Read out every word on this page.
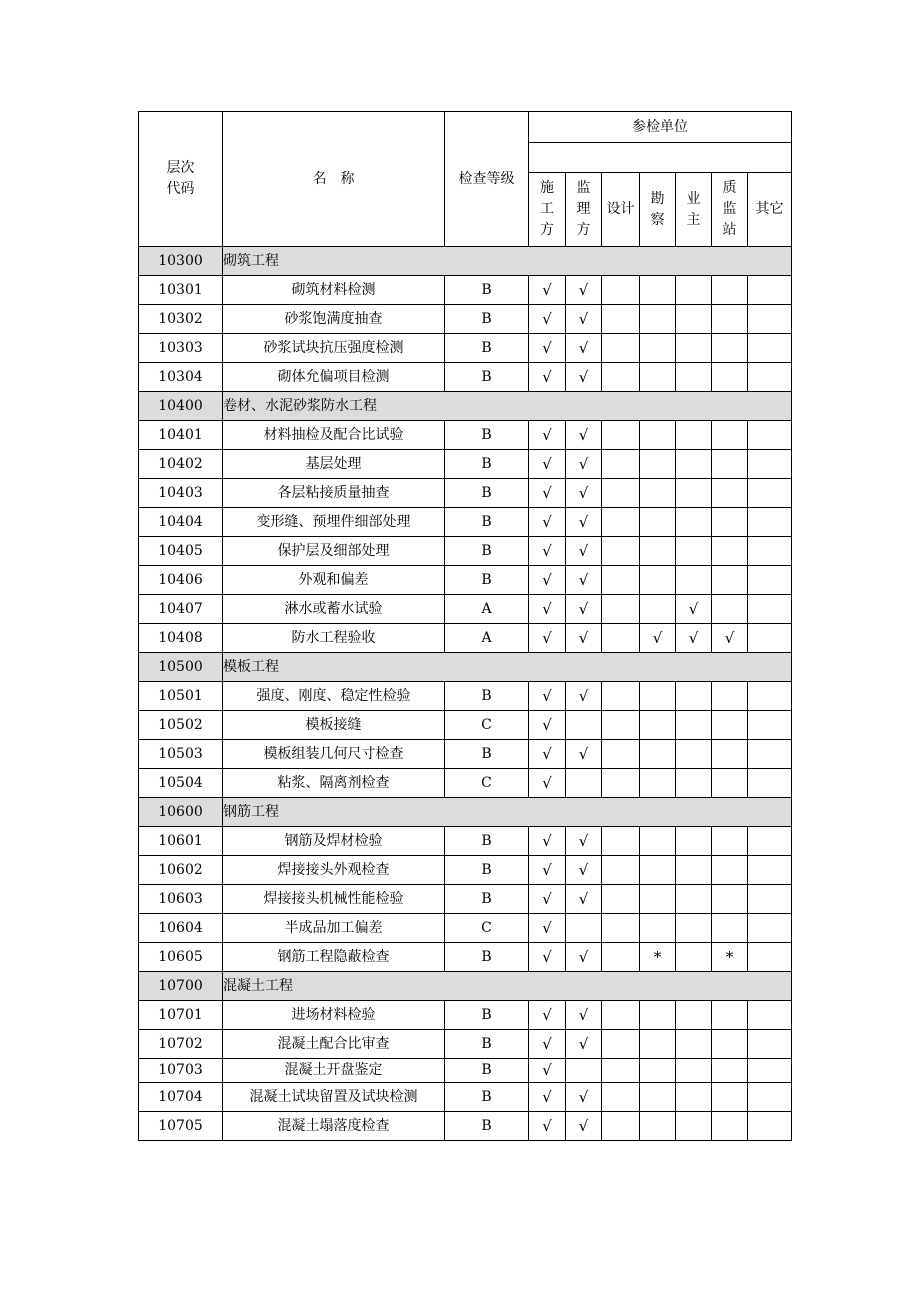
层次
代码	名　称	检查等级	参检单位						

			施
工
方	监
理
方	设计	勘
察	业
主	质
监
站	其它

10300	砌筑工程								
10301	砌筑材料检测	B	√	√					
10302	砂浆饱满度抽查	B	√	√					
10303	砂浆试块抗压强度检测	B	√	√					
10304	砌体允偏项目检测	B	√	√					
10400	卷材、水泥砂浆防水工程								
10401	材料抽检及配合比试验	B	√	√					
10402	基层处理	B	√	√					
10403	各层粘接质量抽查	B	√	√					
10404	变形缝、预埋件细部处理	B	√	√					
10405	保护层及细部处理	B	√	√					
10406	外观和偏差	B	√	√					
10407	淋水或蓄水试验	A	√	√			√		
10408	防水工程验收	A	√	√		√	√	√	
10500	模板工程								
10501	强度、刚度、稳定性检验	B	√	√					
10502	模板接缝	C	√						
10503	模板组装几何尺寸检查	B	√	√					
10504	粘浆、隔离剂检查	C	√						
10600	钢筋工程								
10601	钢筋及焊材检验	B	√	√					
10602	焊接接头外观检查	B	√	√					
10603	焊接接头机械性能检验	B	√	√					
10604	半成品加工偏差	C	√						
10605	钢筋工程隐蔽检查	B	√	√		*		*	
10700	混凝土工程								
10701	进场材料检验	B	√	√					
10702	混凝土配合比审查	B	√	√					
10703	混凝土开盘鉴定	B	√						
10704	混凝土试块留置及试块检测	B	√	√					
10705	混凝土塌落度检查	B	√	√					
